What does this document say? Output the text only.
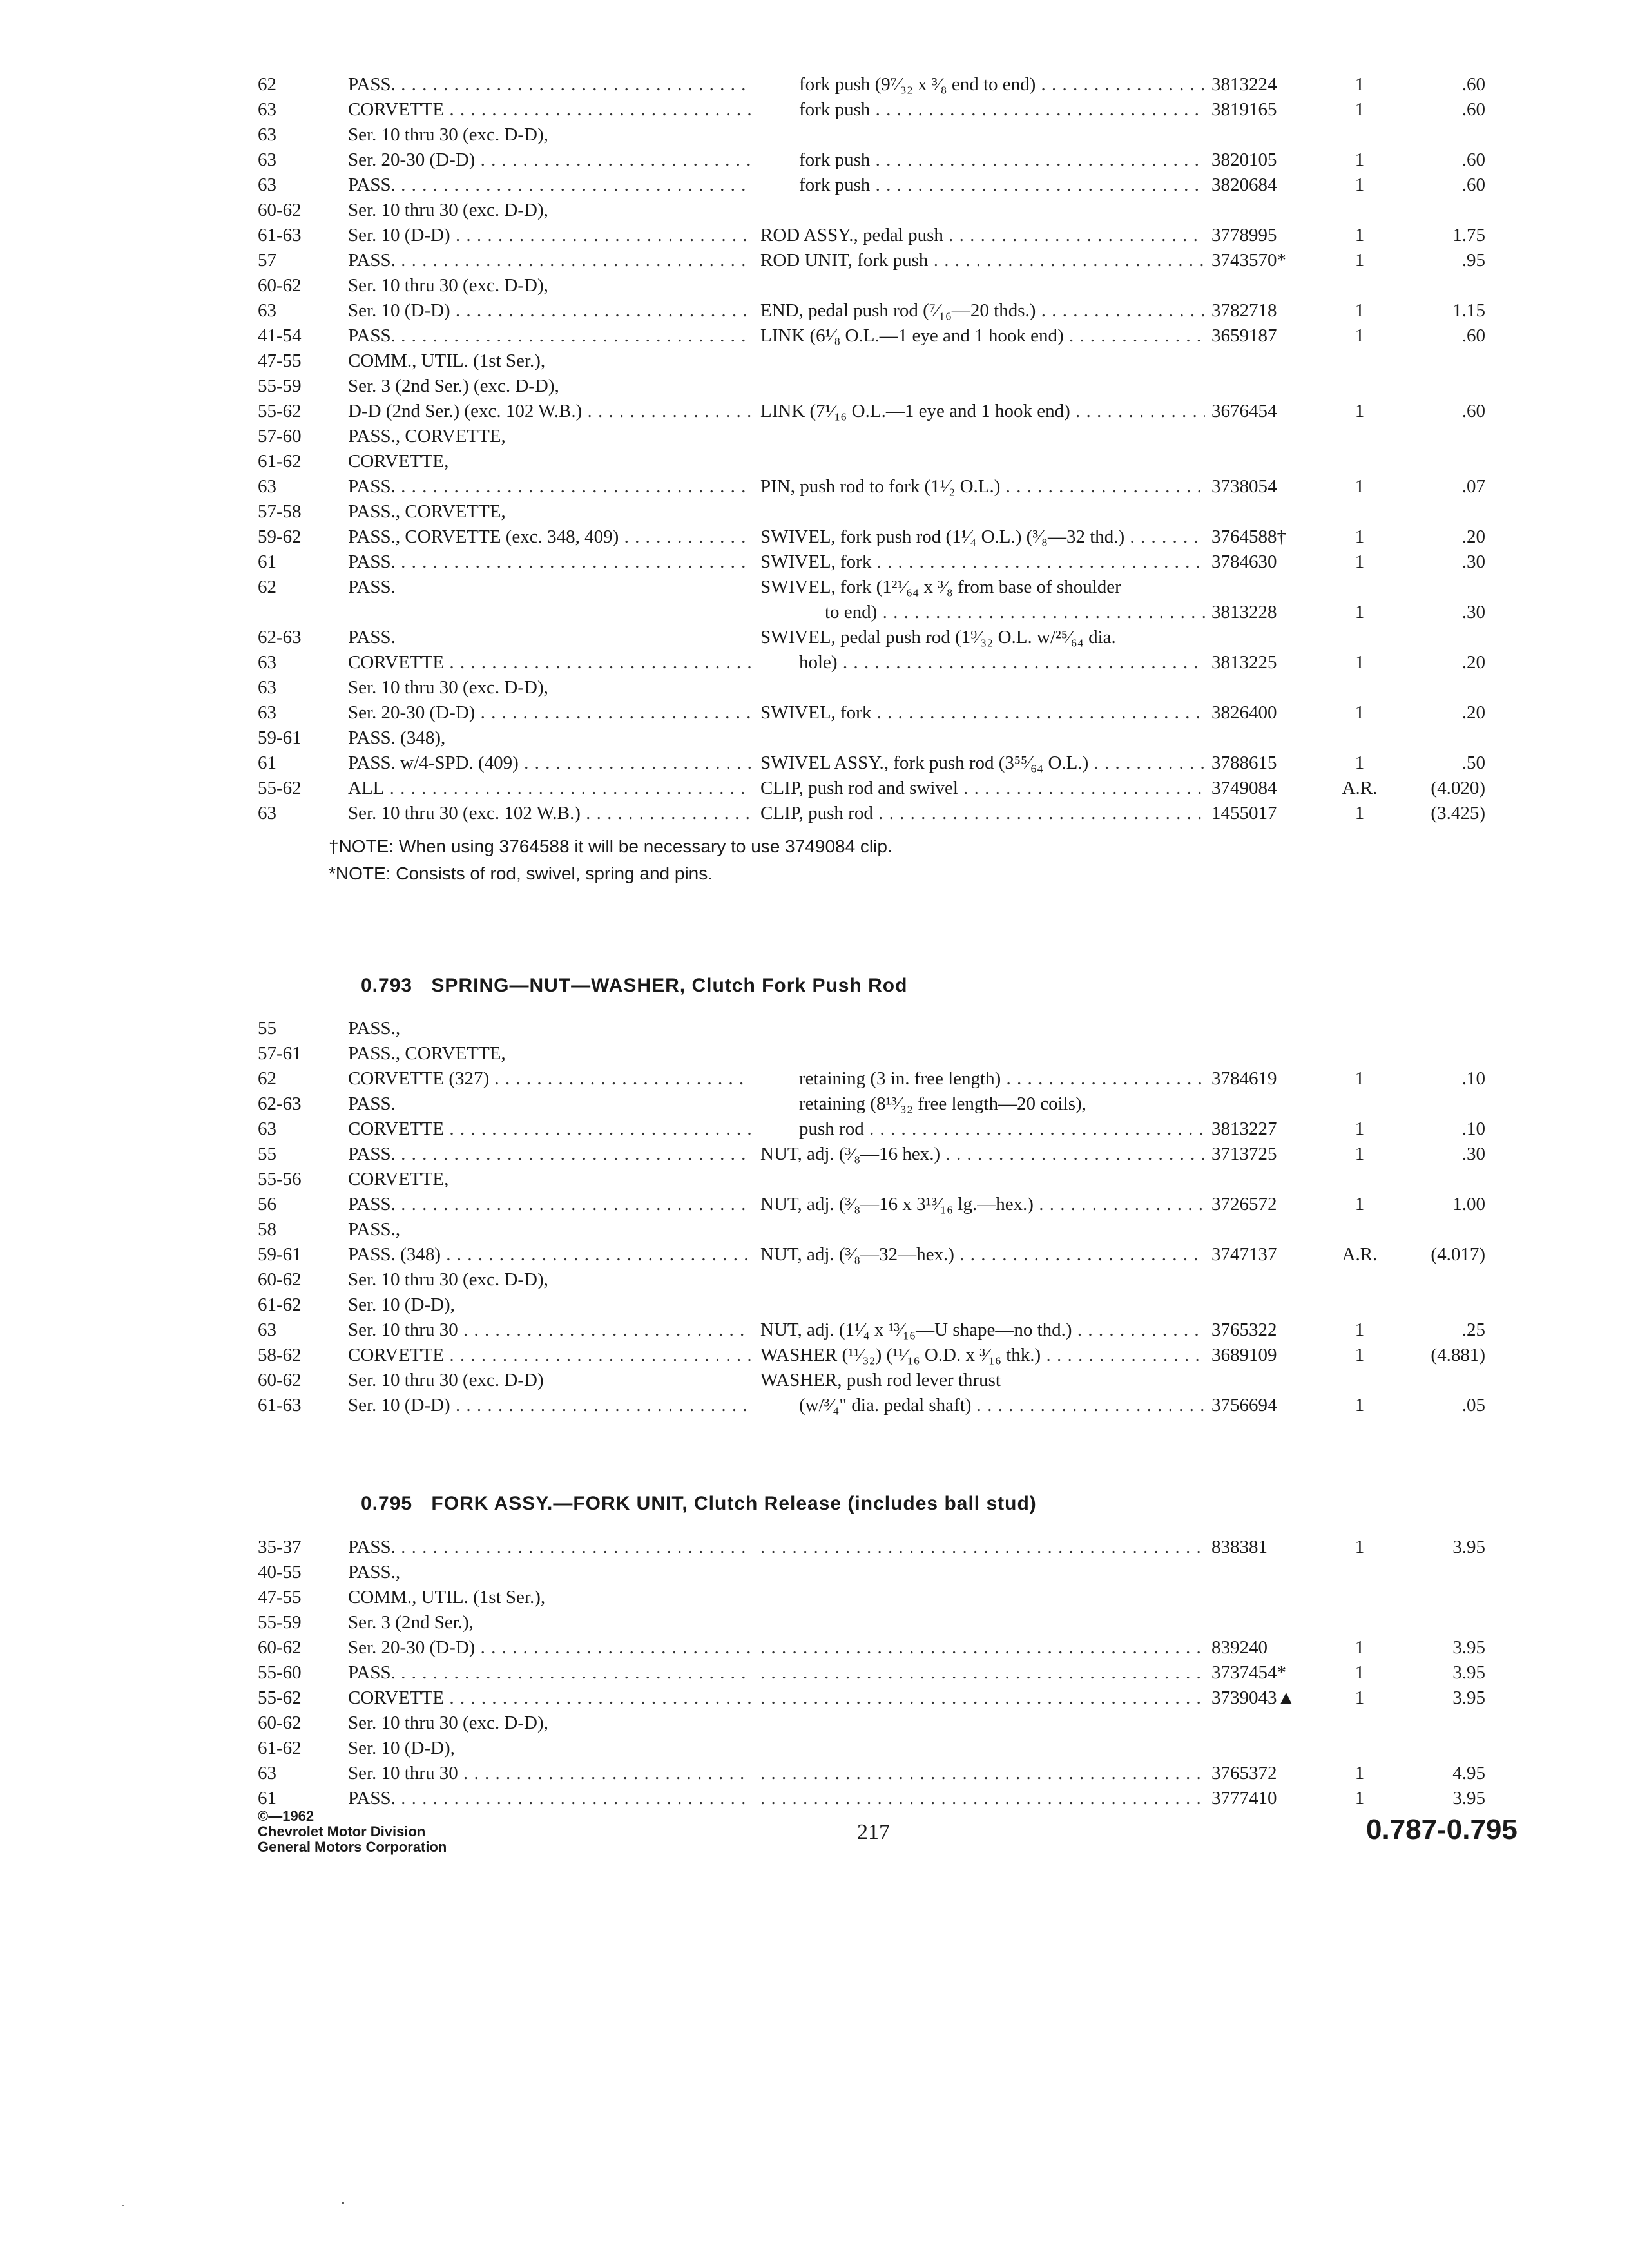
62	PASS. . . .	fork push (9⁷⁄₃₂ x ³⁄₈ end to end) . . .	3813224	1	.60
63	CORVETTE . . .	fork push . . .	3819165	1	.60
63	Ser. 10 thru 30 (exc. D-D),
63	Ser. 20-30 (D-D) . . .	fork push . . .	3820105	1	.60
63	PASS. . . .	fork push . . .	3820684	1	.60
60-62	Ser. 10 thru 30 (exc. D-D),
61-63	Ser. 10 (D-D) . . .	ROD ASSY., pedal push . . .	3778995	1	1.75
57	PASS. . . .	ROD UNIT, fork push . . .	3743570*	1	.95
60-62	Ser. 10 thru 30 (exc. D-D),
63	Ser. 10 (D-D) . . .	END, pedal push rod (⁷⁄₁₆—20 thds.) . . .	3782718	1	1.15
41-54	PASS. . . .	LINK (6¹⁄₈ O.L.—1 eye and 1 hook end) . . .	3659187	1	.60
47-55	COMM., UTIL. (1st Ser.),
55-59	Ser. 3 (2nd Ser.) (exc. D-D),
55-62	D-D (2nd Ser.) (exc. 102 W.B.) . . .	LINK (7¹⁄₁₆ O.L.—1 eye and 1 hook end) . . .	3676454	1	.60
57-60	PASS., CORVETTE,
61-62	CORVETTE,
63	PASS. . . .	PIN, push rod to fork (1¹⁄₂ O.L.) . . .	3738054	1	.07
57-58	PASS., CORVETTE,
59-62	PASS., CORVETTE (exc. 348, 409) . . .	SWIVEL, fork push rod (1¹⁄₄ O.L.) (³⁄₈—32 thd.) . . .	3764588†	1	.20
61	PASS. . . .	SWIVEL, fork . . .	3784630	1	.30
62	PASS.	SWIVEL, fork (1²¹⁄₆₄ x ³⁄₈ from base of shoulder
to end) . . .	3813228	1	.30
62-63	PASS.	SWIVEL, pedal push rod (1⁹⁄₃₂ O.L. w/²⁵⁄₆₄ dia.
63	CORVETTE . . .	hole) . . .	3813225	1	.20
63	Ser. 10 thru 30 (exc. D-D),
63	Ser. 20-30 (D-D) . . .	SWIVEL, fork . . .	3826400	1	.20
59-61	PASS. (348),
61	PASS. w/4-SPD. (409) . . .	SWIVEL ASSY., fork push rod (3⁵⁵⁄₆₄ O.L.) . . .	3788615	1	.50
55-62	ALL . . .	CLIP, push rod and swivel . . .	3749084	A.R.	(4.020)
63	Ser. 10 thru 30 (exc. 102 W.B.) . . .	CLIP, push rod . . .	1455017	1	(3.425)
†NOTE: When using 3764588 it will be necessary to use 3749084 clip.
*NOTE: Consists of rod, swivel, spring and pins.
0.793 SPRING—NUT—WASHER, Clutch Fork Push Rod
55	PASS.,
57-61	PASS., CORVETTE,
62	CORVETTE (327) . . .	retaining (3 in. free length) . . .	3784619	1	.10
62-63	PASS.	retaining (8¹³⁄₃₂ free length—20 coils),
63	CORVETTE . . .	push rod . . .	3813227	1	.10
55	PASS. . . .	NUT, adj. (³⁄₈—16 hex.) . . .	3713725	1	.30
55-56	CORVETTE,
56	PASS. . . .	NUT, adj. (³⁄₈—16 x 3¹³⁄₁₆ lg.—hex.) . . .	3726572	1	1.00
58	PASS.,
59-61	PASS. (348) . . .	NUT, adj. (³⁄₈—32—hex.) . . .	3747137	A.R.	(4.017)
60-62	Ser. 10 thru 30 (exc. D-D),
61-62	Ser. 10 (D-D),
63	Ser. 10 thru 30 . . .	NUT, adj. (1¹⁄₄ x ¹³⁄₁₆—U shape—no thd.) . . .	3765322	1	.25
58-62	CORVETTE . . .	WASHER (¹¹⁄₃₂) (¹¹⁄₁₆ O.D. x ³⁄₁₆ thk.) . . .	3689109	1	(4.881)
60-62	Ser. 10 thru 30 (exc. D-D)	WASHER, push rod lever thrust
61-63	Ser. 10 (D-D) . . .	(w/³⁄₄" dia. pedal shaft) . . .	3756694	1	.05
0.795 FORK ASSY.—FORK UNIT, Clutch Release (includes ball stud)
35-37	PASS. . . . . . .	838381	1	3.95
40-55	PASS.,
47-55	COMM., UTIL. (1st Ser.),
55-59	Ser. 3 (2nd Ser.),
60-62	Ser. 20-30 (D-D) . . . . . .	839240	1	3.95
55-60	PASS. . . . . . .	3737454*	1	3.95
55-62	CORVETTE . . . . . .	3739043▲	1	3.95
60-62	Ser. 10 thru 30 (exc. D-D),
61-62	Ser. 10 (D-D),
63	Ser. 10 thru 30 . . . . . .	3765372	1	4.95
61	PASS. . . . . . .	3777410	1	3.95
©—1962
Chevrolet Motor Division
General Motors Corporation
217	0.787-0.795
